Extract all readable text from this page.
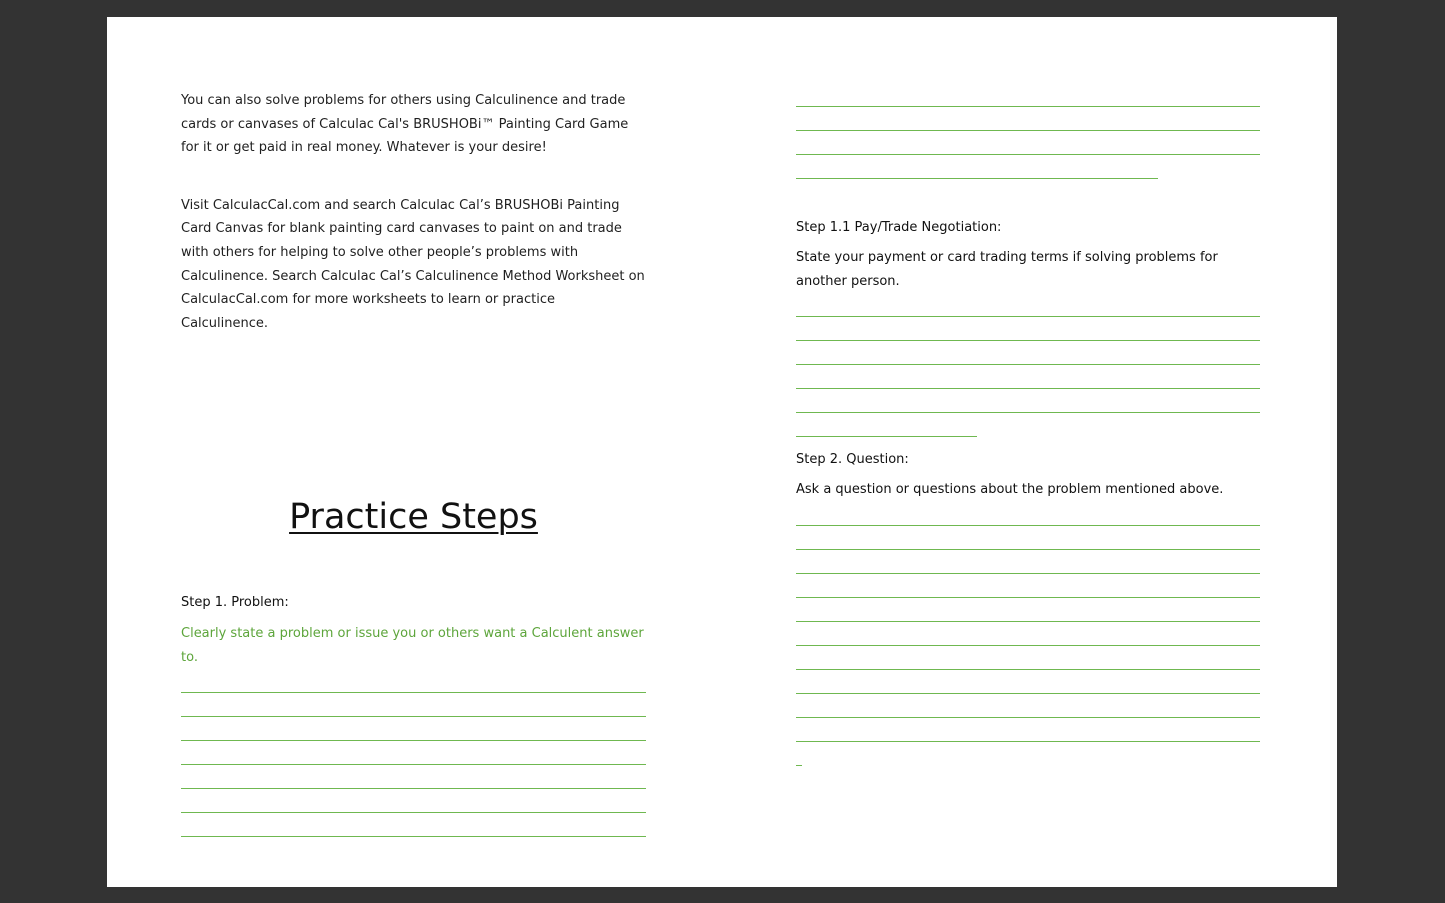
You can also solve problems for others using Calculinence and trade cards or canvases of Calculac Cal's BRUSHOBi™ Painting Card Game for it or get paid in real money. Whatever is your desire!

Visit CalculacCal.com and search Calculac Cal’s BRUSHOBi Painting Card Canvas for blank painting card canvases to paint on and trade with others for helping to solve other people’s problems with Calculinence. Search Calculac Cal’s Calculinence Method Worksheet on CalculacCal.com for more worksheets to learn or practice Calculinence.

Practice Steps

Step 1. Problem:

Clearly state a problem or issue you or others want a Calculent answer to.

Step 1.1 Pay/Trade Negotiation:

State your payment or card trading terms if solving problems for another person.

Step 2. Question:

Ask a question or questions about the problem mentioned above.
